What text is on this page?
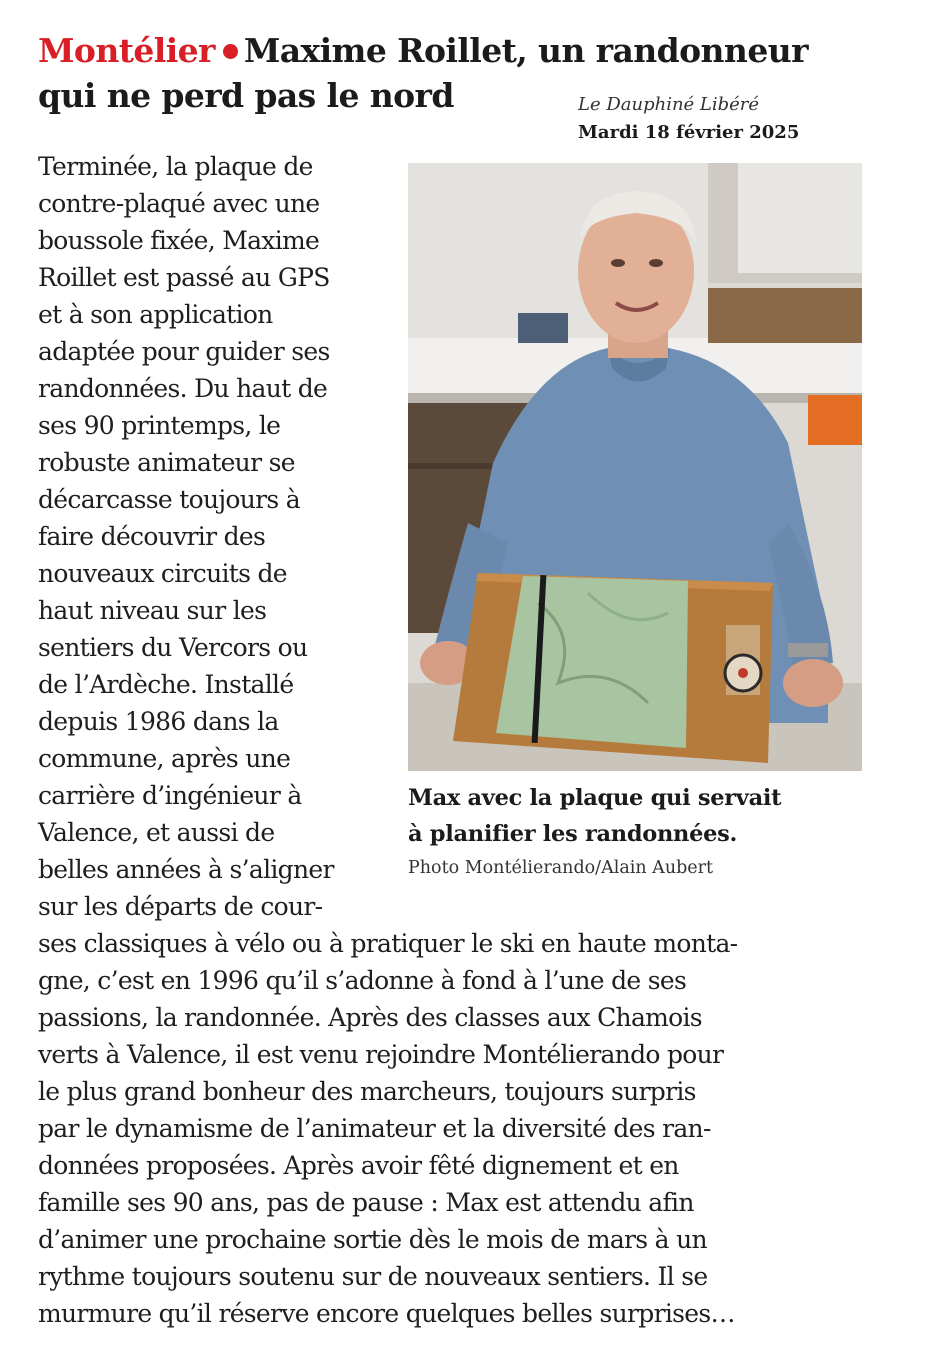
Montélier Maxime Roillet, un randonneur
qui ne perd pas le nord	Le Dauphiné Libéré
Mardi 18 février 2025

Max avec la plaque qui servait
à planifier les randonnées.

Photo Montélierando/Alain Aubert
Terminée, la plaque de
contre-plaqué avec une
boussole fixée, Maxime
Roillet est passé au GPS
et à son application
adaptée pour guider ses
randonnées. Du haut de
ses 90 printemps, le
robuste animateur se
décarcasse toujours à
faire découvrir des
nouveaux circuits de
haut niveau sur les
sentiers du Vercors ou
de l’Ardèche. Installé
depuis 1986 dans la
commune, après une
carrière d’ingénieur à
Valence, et aussi de
belles années à s’aligner
sur les départs de cour-
ses classiques à vélo ou à pratiquer le ski en haute monta-
gne, c’est en 1996 qu’il s’adonne à fond à l’une de ses
passions, la randonnée. Après des classes aux Chamois
verts à Valence, il est venu rejoindre Montélierando pour
le plus grand bonheur des marcheurs, toujours surpris
par le dynamisme de l’animateur et la diversité des ran-
données proposées. Après avoir fêté dignement et en
famille ses 90 ans, pas de pause : Max est attendu afin
d’animer une prochaine sortie dès le mois de mars à un
rythme toujours soutenu sur de nouveaux sentiers. Il se
murmure qu’il réserve encore quelques belles surprises…
